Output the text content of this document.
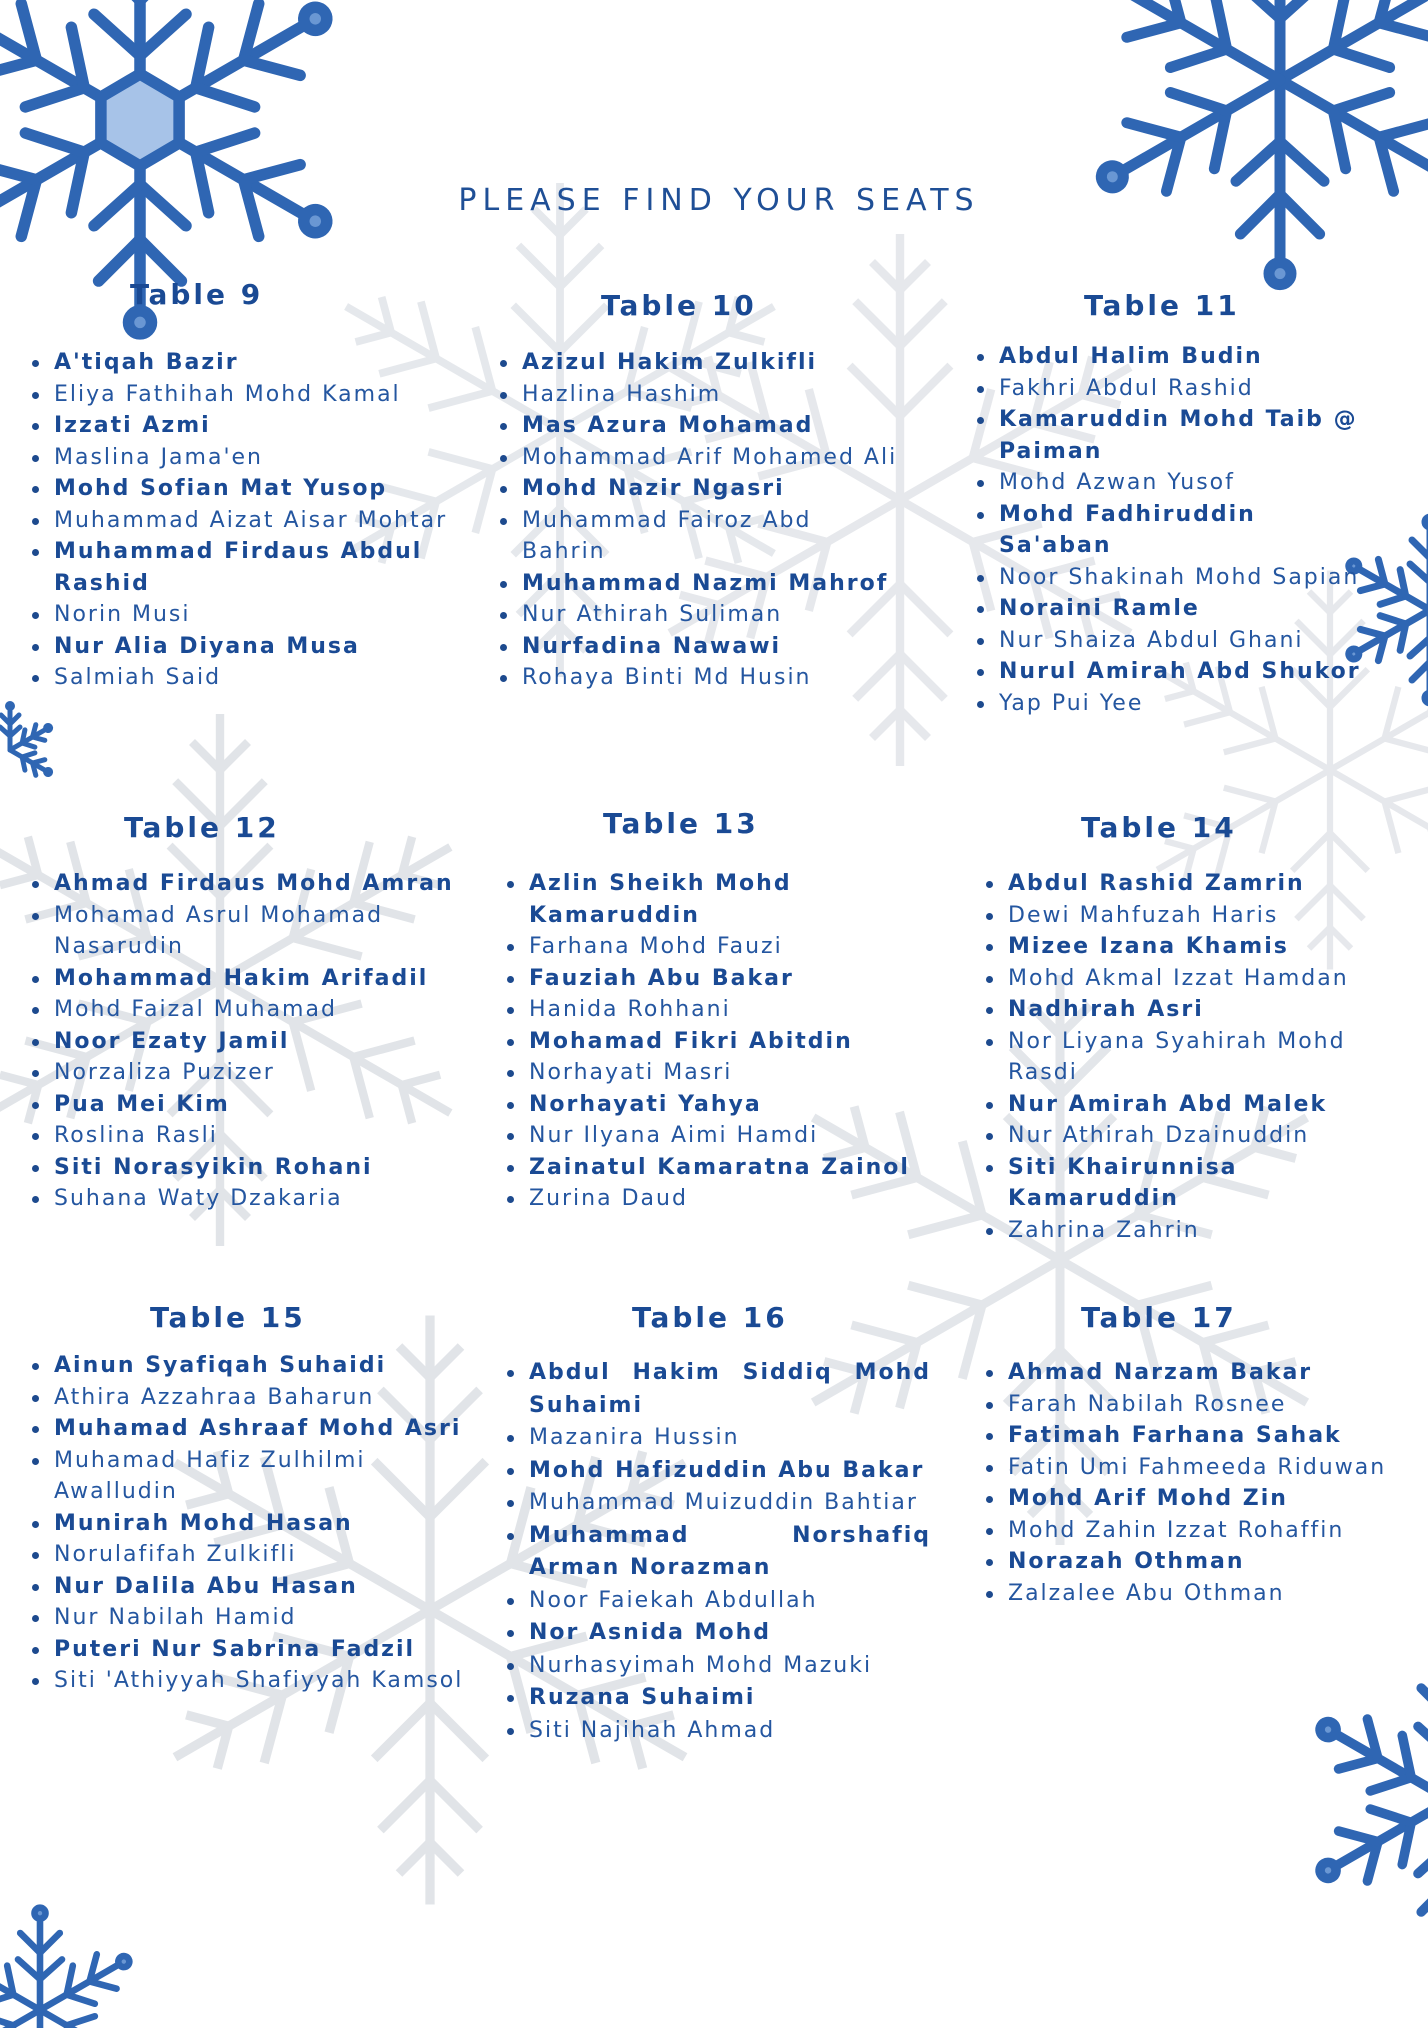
PLEASE FIND YOUR SEATS
Table 9
A'tiqah Bazir
Eliya Fathihah Mohd Kamal
Izzati Azmi
Maslina Jama'en
Mohd Sofian Mat Yusop
Muhammad Aizat Aisar Mohtar
Muhammad Firdaus Abdul Rashid
Norin Musi
Nur Alia Diyana Musa
Salmiah Said
Table 10
Azizul Hakim Zulkifli
Hazlina Hashim
Mas Azura Mohamad
Mohammad Arif Mohamed Ali
Mohd Nazir Ngasri
Muhammad Fairoz Abd Bahrin
Muhammad Nazmi Mahrof
Nur Athirah Suliman
Nurfadina Nawawi
Rohaya Binti Md Husin
Table 11
Abdul Halim Budin
Fakhri Abdul Rashid
Kamaruddin Mohd Taib @ Paiman
Mohd Azwan Yusof
Mohd Fadhiruddin Sa'aban
Noor Shakinah Mohd Sapian
Noraini Ramle
Nur Shaiza Abdul Ghani
Nurul Amirah Abd Shukor
Yap Pui Yee
Table 12
Ahmad Firdaus Mohd Amran
Mohamad Asrul Mohamad Nasarudin
Mohammad Hakim Arifadil
Mohd Faizal Muhamad
Noor Ezaty Jamil
Norzaliza Puzizer
Pua Mei Kim
Roslina Rasli
Siti Norasyikin Rohani
Suhana Waty Dzakaria
Table 13
Azlin Sheikh Mohd Kamaruddin
Farhana Mohd Fauzi
Fauziah Abu Bakar
Hanida Rohhani
Mohamad Fikri Abitdin
Norhayati Masri
Norhayati Yahya
Nur Ilyana Aimi Hamdi
Zainatul Kamaratna Zainol
Zurina Daud
Table 14
Abdul Rashid Zamrin
Dewi Mahfuzah Haris
Mizee Izana Khamis
Mohd Akmal Izzat Hamdan
Nadhirah Asri
Nor Liyana Syahirah Mohd Rasdi
Nur Amirah Abd Malek
Nur Athirah Dzainuddin
Siti Khairunnisa Kamaruddin
Zahrina Zahrin
Table 15
Ainun Syafiqah Suhaidi
Athira Azzahraa Baharun
Muhamad Ashraaf Mohd Asri
Muhamad Hafiz Zulhilmi Awalludin
Munirah Mohd Hasan
Norulafifah Zulkifli
Nur Dalila Abu Hasan
Nur Nabilah Hamid
Puteri Nur Sabrina Fadzil
Siti 'Athiyyah Shafiyyah Kamsol
Table 16
Abdul Hakim Siddiq Mohd Suhaimi
Mazanira Hussin
Mohd Hafizuddin Abu Bakar
Muhammad Muizuddin Bahtiar
Muhammad Norshafiq Arman Norazman
Noor Faiekah Abdullah
Nor Asnida Mohd
Nurhasyimah Mohd Mazuki
Ruzana Suhaimi
Siti Najihah Ahmad
Table 17
Ahmad Narzam Bakar
Farah Nabilah Rosnee
Fatimah Farhana Sahak
Fatin Umi Fahmeeda Riduwan
Mohd Arif Mohd Zin
Mohd Zahin Izzat Rohaffin
Norazah Othman
Zalzalee Abu Othman
